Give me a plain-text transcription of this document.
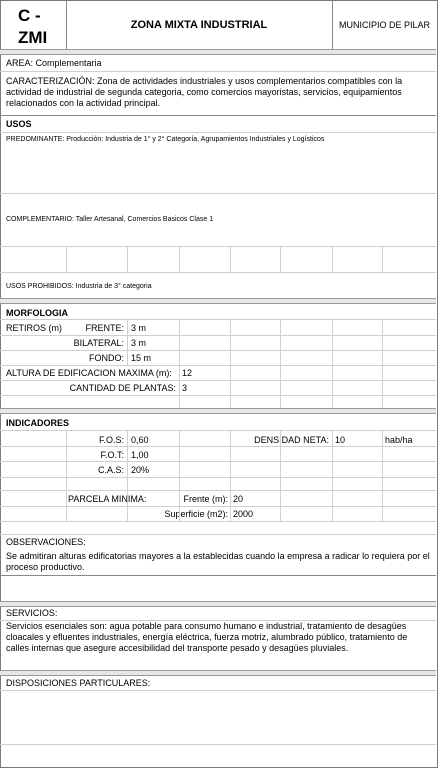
C -
ZMI
ZONA MIXTA INDUSTRIAL	MUNICIPIO DE PILAR
AREA: Complementaria
CARACTERIZACIÓN: Zona de actividades industriales y usos complementarios compatibles con la actividad de industrial de segunda categoria, como comercios mayoristas, servicios, equipamientos relacionados con la actividad principal.
USOS
PREDOMINANTE: Producción: Industria de 1° y 2° Categoría, Agrupamientos Industriales y Logísticos
COMPLEMENTARIO: Taller Artesanal, Comercios Basicos Clase 1
USOS PROHIBIDOS: Industria de 3° categoria
MORFOLOGIA
RETIROS (m)	FRENTE: 3 m
BILATERAL: 3 m
FONDO: 15 m
ALTURA DE EDIFICACION MAXIMA (m):	12
CANTIDAD DE PLANTAS: 3
INDICADORES
F.O.S: 0,60	DENSIDAD NETA: 10	hab/ha
F.O.T: 1,00
C.A.S: 20%
PARCELA MINIMA:	Frente (m): 20
Superficie (m2): 2000
OBSERVACIONES:
Se admitiran alturas edificatorias mayores a la establecidas cuando la empresa a radicar lo requiera por el proceso productivo.
SERVICIOS:
Servicios esenciales son: agua potable para consumo humano e industrial, tratamiento de desagües cloacales y efluentes industriales, energía eléctrica, fuerza motriz, alumbrado público, tratamiento de calles internas que asegure accesibilidad del transporte pesado y desagües pluviales.
DISPOSICIONES PARTICULARES:
